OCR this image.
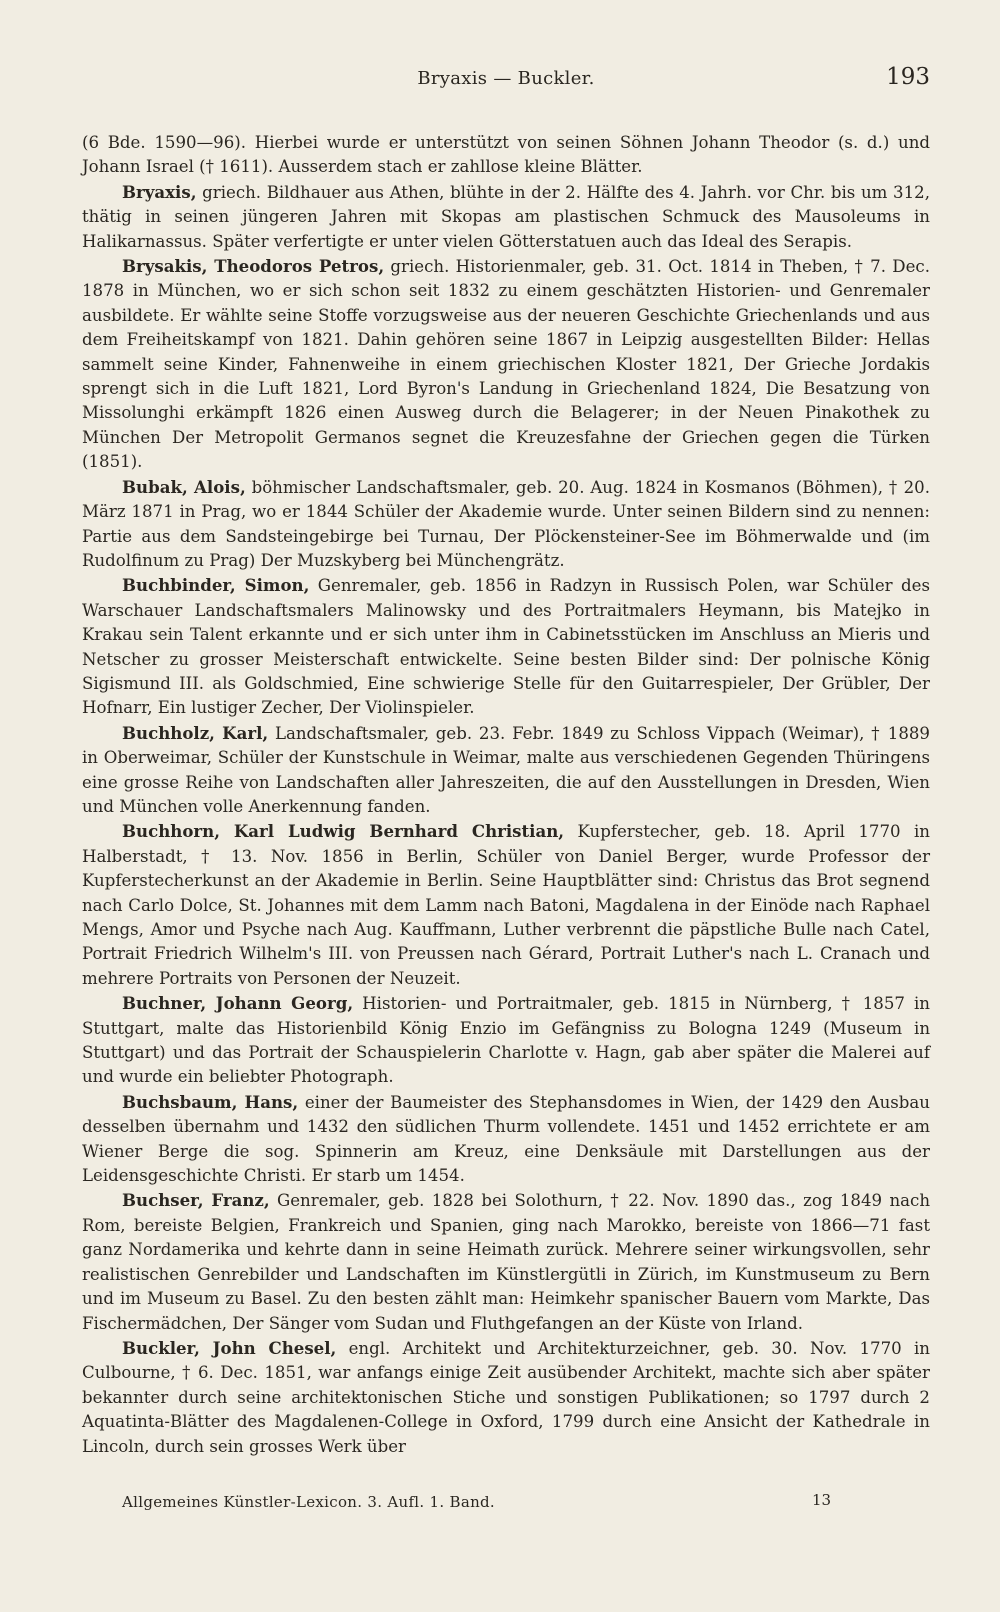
Bryaxis — Buckler.	193

(6 Bde. 1590—96). Hierbei wurde er unterstützt von seinen Söhnen Johann Theodor (s. d.) und Johann Israel († 1611). Ausserdem stach er zahllose kleine Blätter.

Bryaxis, griech. Bildhauer aus Athen, blühte in der 2. Hälfte des 4. Jahrh. vor Chr. bis um 312, thätig in seinen jüngeren Jahren mit Skopas am plastischen Schmuck des Mausoleums in Halikarnassus. Später verfertigte er unter vielen Götterstatuen auch das Ideal des Serapis.

Brysakis, Theodoros Petros, griech. Historienmaler, geb. 31. Oct. 1814 in Theben, † 7. Dec. 1878 in München, wo er sich schon seit 1832 zu einem geschätzten Historien- und Genremaler ausbildete. Er wählte seine Stoffe vorzugsweise aus der neueren Geschichte Griechenlands und aus dem Freiheitskampf von 1821. Dahin gehören seine 1867 in Leipzig ausgestellten Bilder: Hellas sammelt seine Kinder, Fahnenweihe in einem griechischen Kloster 1821, Der Grieche Jordakis sprengt sich in die Luft 1821, Lord Byron's Landung in Griechenland 1824, Die Besatzung von Missolunghi erkämpft 1826 einen Ausweg durch die Belagerer; in der Neuen Pinakothek zu München Der Metropolit Germanos segnet die Kreuzesfahne der Griechen gegen die Türken (1851).

Bubak, Alois, böhmischer Landschaftsmaler, geb. 20. Aug. 1824 in Kosmanos (Böhmen), † 20. März 1871 in Prag, wo er 1844 Schüler der Akademie wurde. Unter seinen Bildern sind zu nennen: Partie aus dem Sandsteingebirge bei Turnau, Der Plöckensteiner-See im Böhmerwalde und (im Rudolfinum zu Prag) Der Muzskyberg bei Münchengrätz.

Buchbinder, Simon, Genremaler, geb. 1856 in Radzyn in Russisch Polen, war Schüler des Warschauer Landschaftsmalers Malinowsky und des Portraitmalers Heymann, bis Matejko in Krakau sein Talent erkannte und er sich unter ihm in Cabinetsstücken im Anschluss an Mieris und Netscher zu grosser Meisterschaft entwickelte. Seine besten Bilder sind: Der polnische König Sigismund III. als Goldschmied, Eine schwierige Stelle für den Guitarrespieler, Der Grübler, Der Hofnarr, Ein lustiger Zecher, Der Violinspieler.

Buchholz, Karl, Landschaftsmaler, geb. 23. Febr. 1849 zu Schloss Vippach (Weimar), † 1889 in Oberweimar, Schüler der Kunstschule in Weimar, malte aus verschiedenen Gegenden Thüringens eine grosse Reihe von Landschaften aller Jahreszeiten, die auf den Ausstellungen in Dresden, Wien und München volle Anerkennung fanden.

Buchhorn, Karl Ludwig Bernhard Christian, Kupferstecher, geb. 18. April 1770 in Halberstadt, † 13. Nov. 1856 in Berlin, Schüler von Daniel Berger, wurde Professor der Kupferstecherkunst an der Akademie in Berlin. Seine Hauptblätter sind: Christus das Brot segnend nach Carlo Dolce, St. Johannes mit dem Lamm nach Batoni, Magdalena in der Einöde nach Raphael Mengs, Amor und Psyche nach Aug. Kauffmann, Luther verbrennt die päpstliche Bulle nach Catel, Portrait Friedrich Wilhelm's III. von Preussen nach Gérard, Portrait Luther's nach L. Cranach und mehrere Portraits von Personen der Neuzeit.

Buchner, Johann Georg, Historien- und Portraitmaler, geb. 1815 in Nürnberg, † 1857 in Stuttgart, malte das Historienbild König Enzio im Gefängniss zu Bologna 1249 (Museum in Stuttgart) und das Portrait der Schauspielerin Charlotte v. Hagn, gab aber später die Malerei auf und wurde ein beliebter Photograph.

Buchsbaum, Hans, einer der Baumeister des Stephansdomes in Wien, der 1429 den Ausbau desselben übernahm und 1432 den südlichen Thurm vollendete. 1451 und 1452 errichtete er am Wiener Berge die sog. Spinnerin am Kreuz, eine Denksäule mit Darstellungen aus der Leidensgeschichte Christi. Er starb um 1454.

Buchser, Franz, Genremaler, geb. 1828 bei Solothurn, † 22. Nov. 1890 das., zog 1849 nach Rom, bereiste Belgien, Frankreich und Spanien, ging nach Marokko, bereiste von 1866—71 fast ganz Nordamerika und kehrte dann in seine Heimath zurück. Mehrere seiner wirkungsvollen, sehr realistischen Genrebilder und Landschaften im Künstlergütli in Zürich, im Kunstmuseum zu Bern und im Museum zu Basel. Zu den besten zählt man: Heimkehr spanischer Bauern vom Markte, Das Fischermädchen, Der Sänger vom Sudan und Fluthgefangen an der Küste von Irland.

Buckler, John Chesel, engl. Architekt und Architekturzeichner, geb. 30. Nov. 1770 in Culbourne, † 6. Dec. 1851, war anfangs einige Zeit ausübender Architekt, machte sich aber später bekannter durch seine architektonischen Stiche und sonstigen Publikationen; so 1797 durch 2 Aquatinta-Blätter des Magdalenen-College in Oxford, 1799 durch eine Ansicht der Kathedrale in Lincoln, durch sein grosses Werk über

Allgemeines Künstler-Lexicon. 3. Aufl. 1. Band.	13
